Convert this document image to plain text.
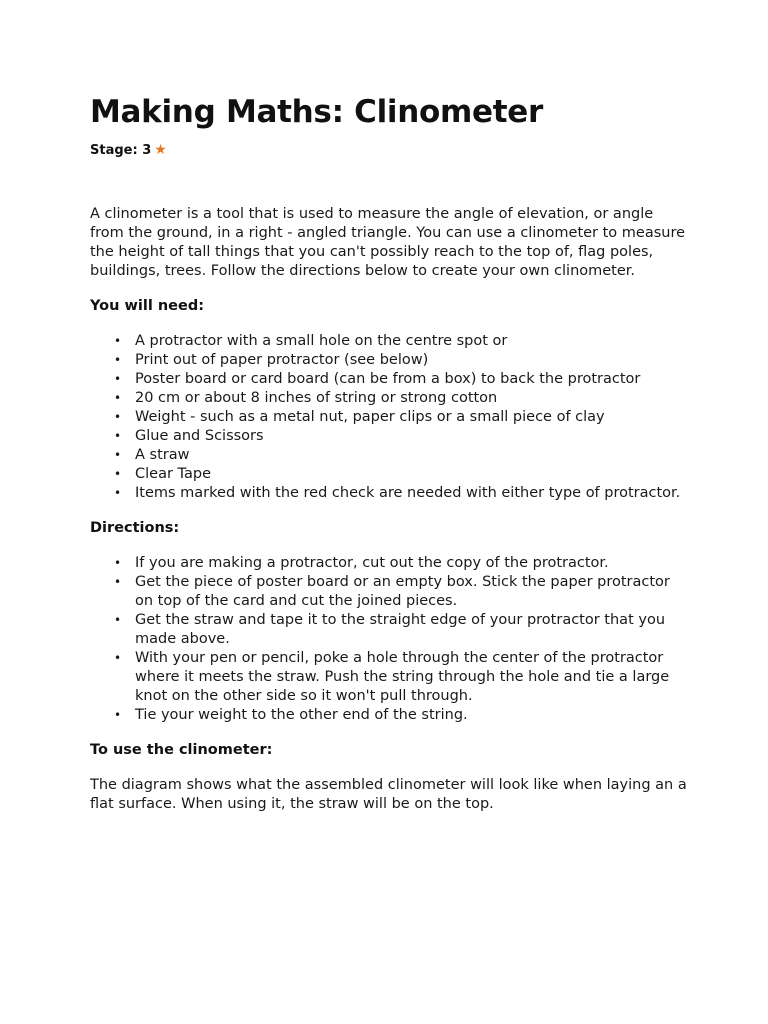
Making Maths: Clinometer
Stage: 3 ★

A clinometer is a tool that is used to measure the angle of elevation, or angle from the ground, in a right - angled triangle. You can use a clinometer to measure the height of tall things that you can't possibly reach to the top of, flag poles, buildings, trees. Follow the directions below to create your own clinometer.

You will need:
• A protractor with a small hole on the centre spot or
• Print out of paper protractor (see below)
• Poster board or card board (can be from a box) to back the protractor
• 20 cm or about 8 inches of string or strong cotton
• Weight - such as a metal nut, paper clips or a small piece of clay
• Glue and Scissors
• A straw
• Clear Tape
• Items marked with the red check are needed with either type of protractor.
Directions:
• If you are making a protractor, cut out the copy of the protractor.
• Get the piece of poster board or an empty box. Stick the paper protractor on top of the card and cut the joined pieces.
• Get the straw and tape it to the straight edge of your protractor that you made above.
• With your pen or pencil, poke a hole through the center of the protractor where it meets the straw. Push the string through the hole and tie a large knot on the other side so it won't pull through.
• Tie your weight to the other end of the string.
To use the clinometer:

The diagram shows what the assembled clinometer will look like when laying an a flat surface. When using it, the straw will be on the top.
